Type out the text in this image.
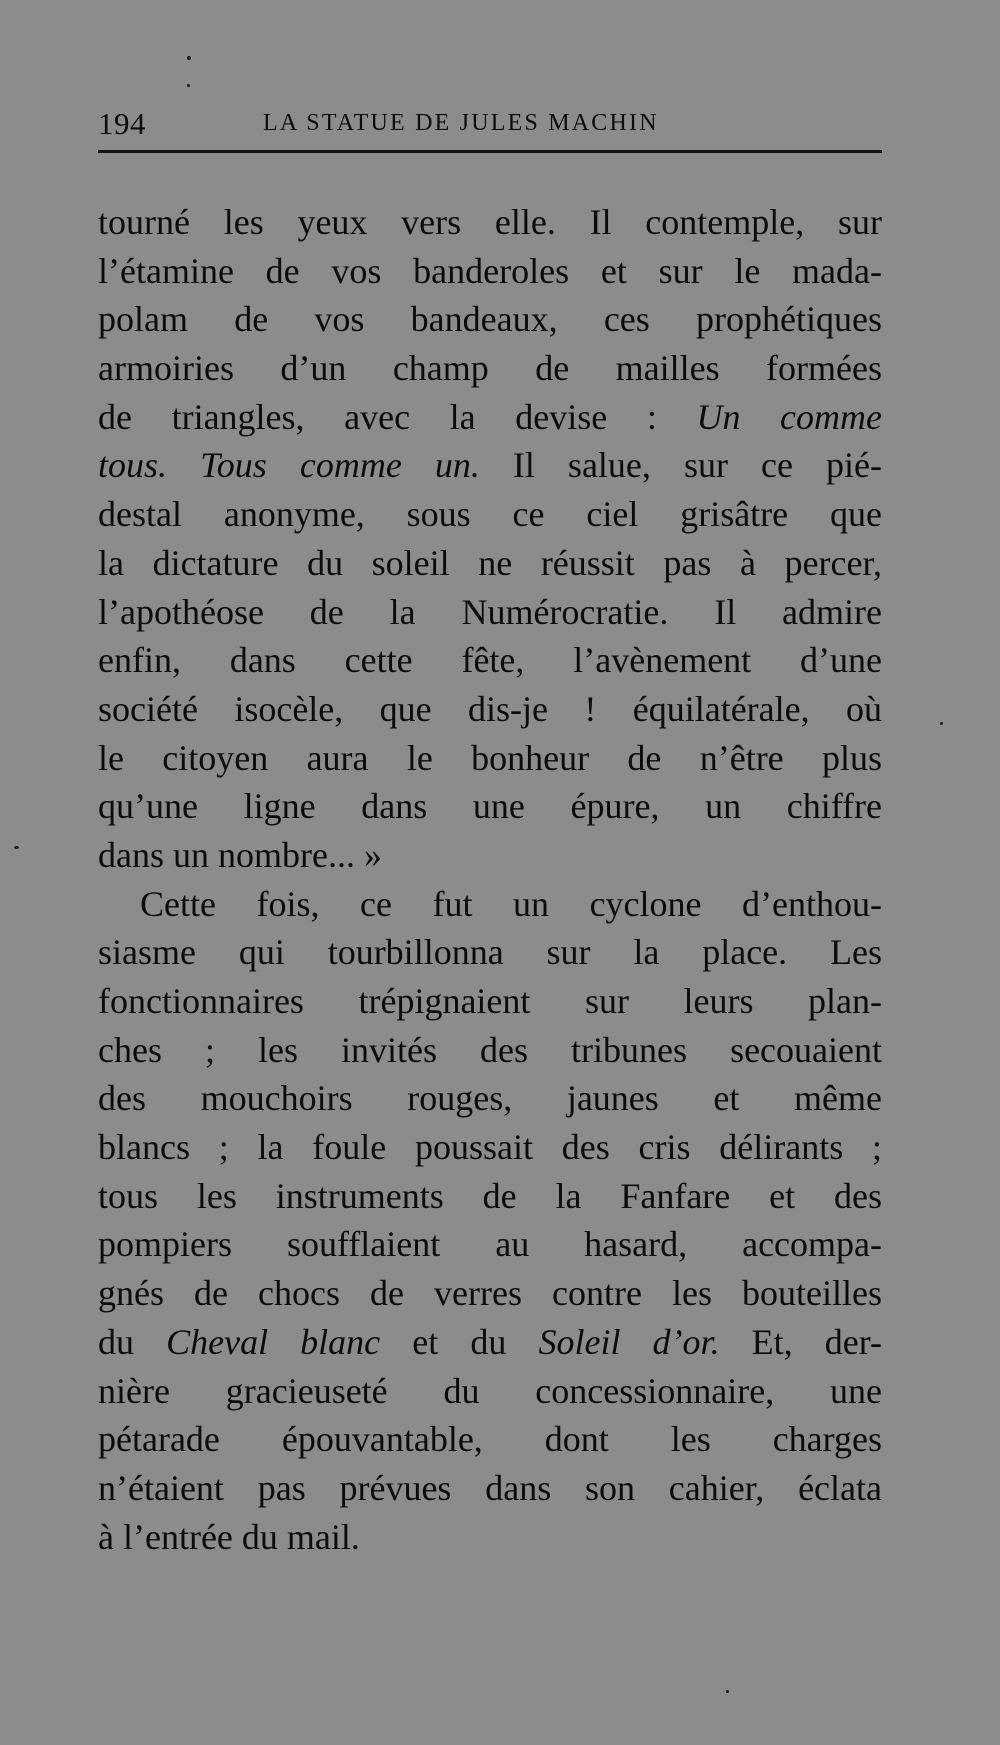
194	LA STATUE DE JULES MACHIN
tourné les yeux vers elle. Il contemple, sur
l’étamine de vos banderoles et sur le mada-
polam de vos bandeaux, ces prophétiques
armoiries d’un champ de mailles formées
de triangles, avec la devise : Un comme
tous. Tous comme un. Il salue, sur ce pié-
destal anonyme, sous ce ciel grisâtre que
la dictature du soleil ne réussit pas à percer,
l’apothéose de la Numérocratie. Il admire
enfin, dans cette fête, l’avènement d’une
société isocèle, que dis-je ! équilatérale, où
le citoyen aura le bonheur de n’être plus
qu’une ligne dans une épure, un chiffre
dans un nombre... »
Cette fois, ce fut un cyclone d’enthou-
siasme qui tourbillonna sur la place. Les
fonctionnaires trépignaient sur leurs plan-
ches ; les invités des tribunes secouaient
des mouchoirs rouges, jaunes et même
blancs ; la foule poussait des cris délirants ;
tous les instruments de la Fanfare et des
pompiers soufflaient au hasard, accompa-
gnés de chocs de verres contre les bouteilles
du Cheval blanc et du Soleil d’or. Et, der-
nière gracieuseté du concessionnaire, une
pétarade épouvantable, dont les charges
n’étaient pas prévues dans son cahier, éclata
à l’entrée du mail.
